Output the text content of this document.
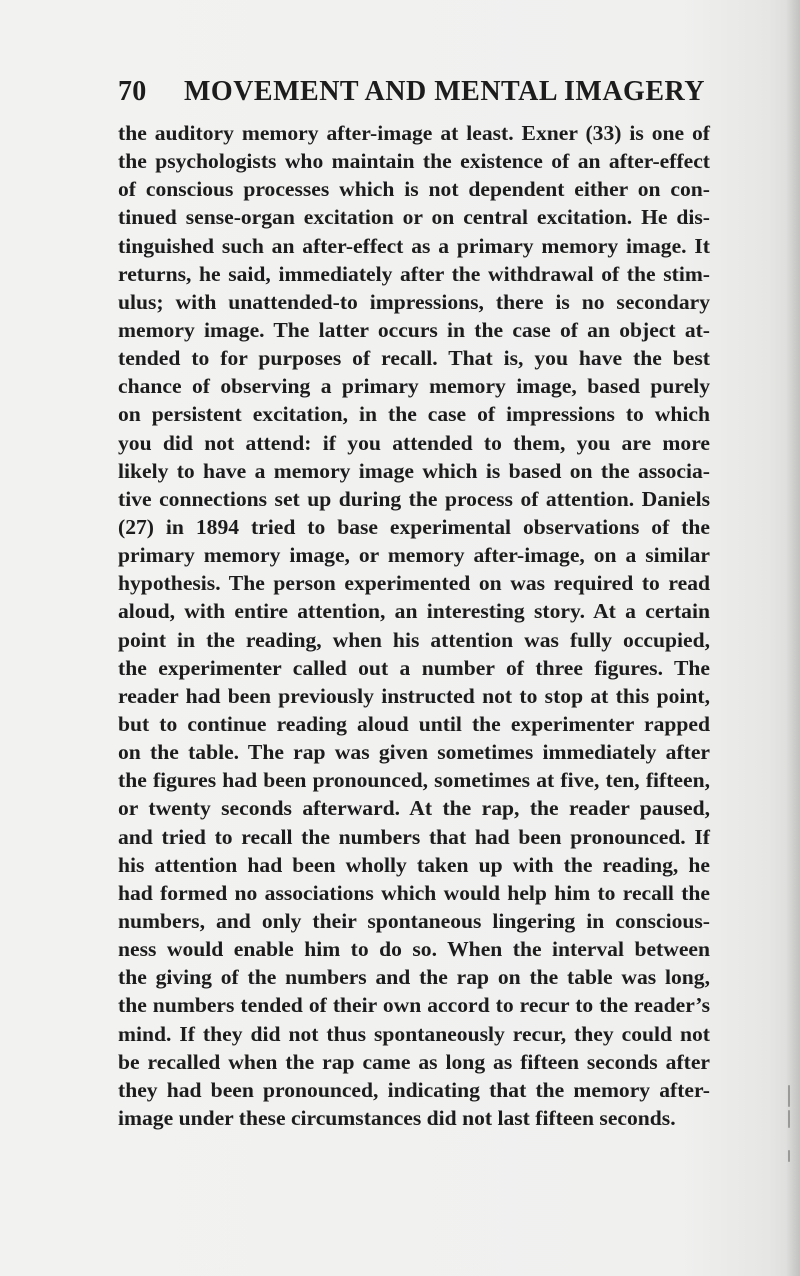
70 MOVEMENT AND MENTAL IMAGERY
the auditory memory after-image at least. Exner (33) is one of
the psychologists who maintain the existence of an after-effect
of conscious processes which is not dependent either on con-
tinued sense-organ excitation or on central excitation. He dis-
tinguished such an after-effect as a primary memory image. It
returns, he said, immediately after the withdrawal of the stim-
ulus; with unattended-to impressions, there is no secondary
memory image. The latter occurs in the case of an object at-
tended to for purposes of recall. That is, you have the best
chance of observing a primary memory image, based purely
on persistent excitation, in the case of impressions to which
you did not attend: if you attended to them, you are more
likely to have a memory image which is based on the associa-
tive connections set up during the process of attention. Daniels
(27) in 1894 tried to base experimental observations of the
primary memory image, or memory after-image, on a similar
hypothesis. The person experimented on was required to read
aloud, with entire attention, an interesting story. At a certain
point in the reading, when his attention was fully occupied,
the experimenter called out a number of three figures. The
reader had been previously instructed not to stop at this point,
but to continue reading aloud until the experimenter rapped
on the table. The rap was given sometimes immediately after
the figures had been pronounced, sometimes at five, ten, fifteen,
or twenty seconds afterward. At the rap, the reader paused,
and tried to recall the numbers that had been pronounced. If
his attention had been wholly taken up with the reading, he
had formed no associations which would help him to recall the
numbers, and only their spontaneous lingering in conscious-
ness would enable him to do so. When the interval between
the giving of the numbers and the rap on the table was long,
the numbers tended of their own accord to recur to the reader’s
mind. If they did not thus spontaneously recur, they could not
be recalled when the rap came as long as fifteen seconds after
they had been pronounced, indicating that the memory after-
image under these circumstances did not last fifteen seconds.
